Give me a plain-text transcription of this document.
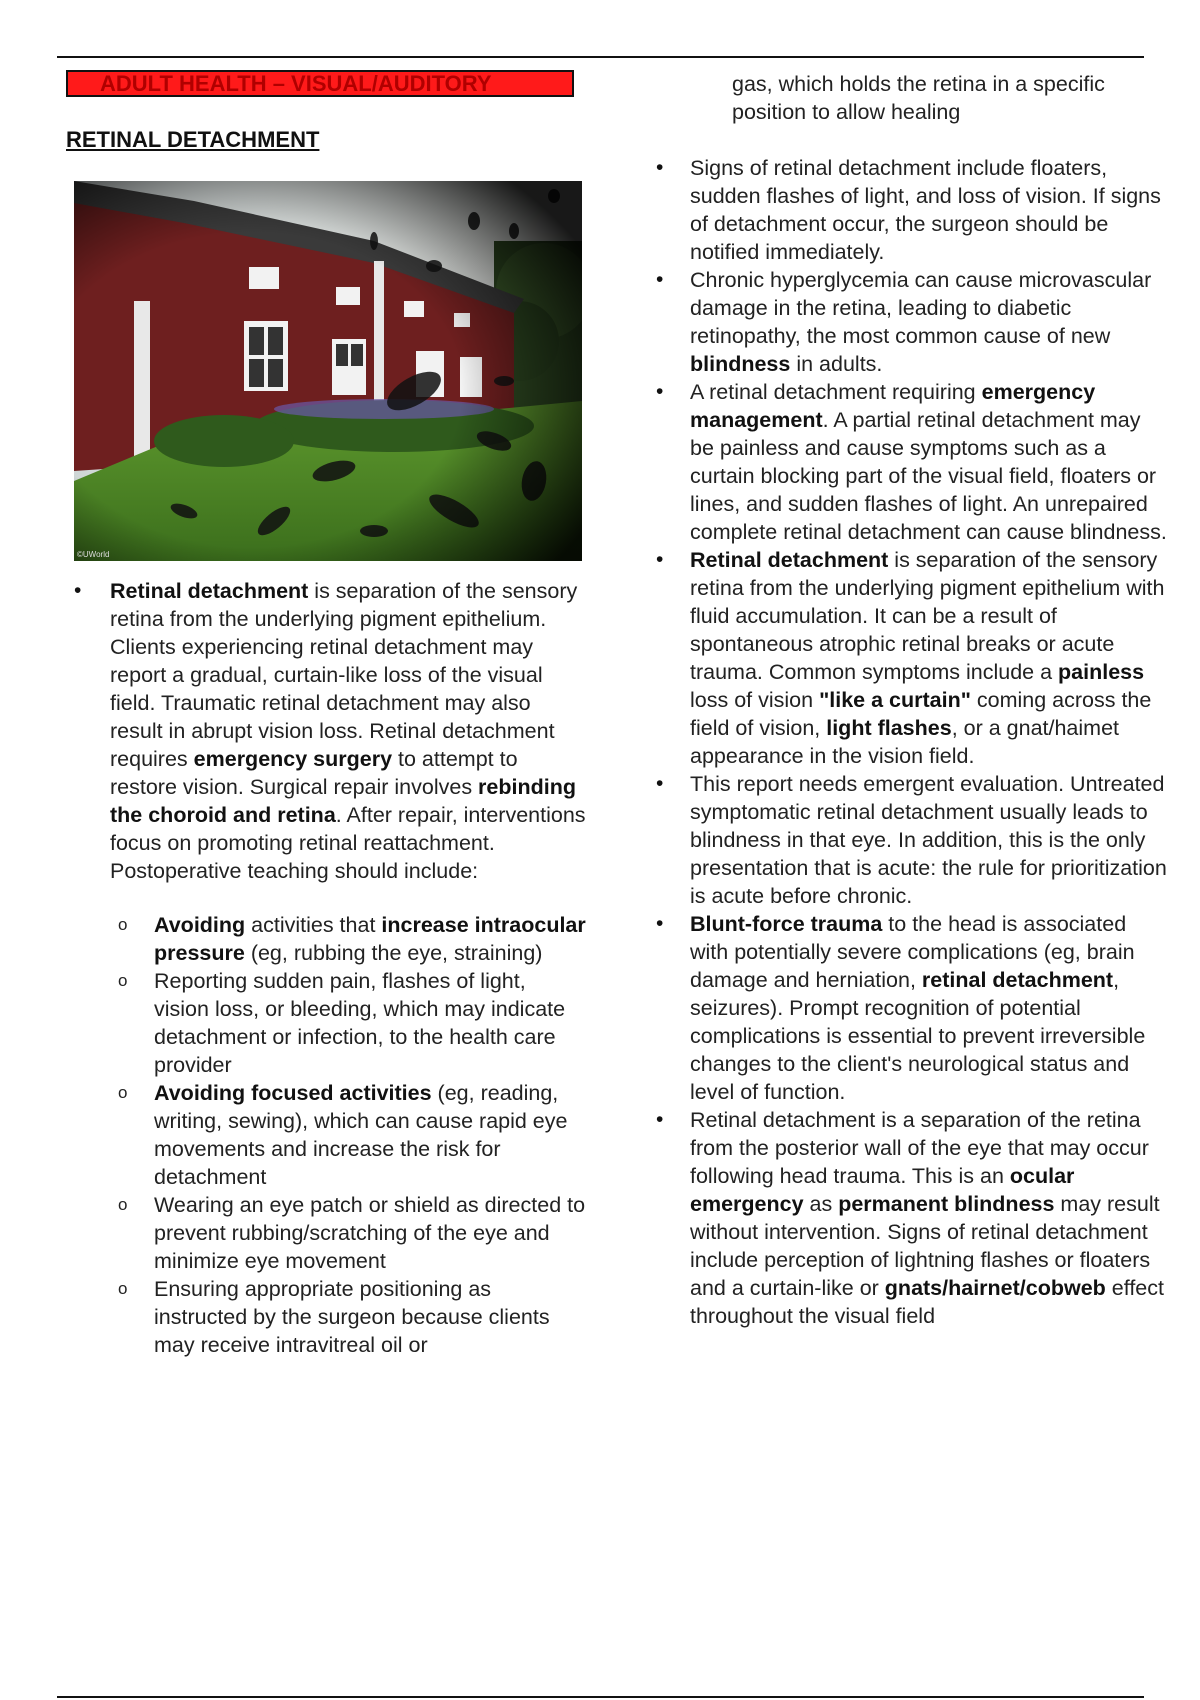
ADULT HEALTH – VISUAL/AUDITORY
RETINAL DETACHMENT
©UWorld
• Retinal detachment is separation of the sensory retina from the underlying pigment epithelium. Clients experiencing retinal detachment may report a gradual, curtain-like loss of the visual field. Traumatic retinal detachment may also result in abrupt vision loss. Retinal detachment requires emergency surgery to attempt to restore vision. Surgical repair involves rebinding the choroid and retina. After repair, interventions focus on promoting retinal reattachment. Postoperative teaching should include:
o Avoiding activities that increase intraocular pressure (eg, rubbing the eye, straining)
o Reporting sudden pain, flashes of light, vision loss, or bleeding, which may indicate detachment or infection, to the health care provider
o Avoiding focused activities (eg, reading, writing, sewing), which can cause rapid eye movements and increase the risk for detachment
o Wearing an eye patch or shield as directed to prevent rubbing/scratching of the eye and minimize eye movement
o Ensuring appropriate positioning as instructed by the surgeon because clients may receive intravitreal oil or
gas, which holds the retina in a specific position to allow healing
• Signs of retinal detachment include floaters, sudden flashes of light, and loss of vision. If signs of detachment occur, the surgeon should be notified immediately.
• Chronic hyperglycemia can cause microvascular damage in the retina, leading to diabetic retinopathy, the most common cause of new blindness in adults.
• A retinal detachment requiring emergency management. A partial retinal detachment may be painless and cause symptoms such as a curtain blocking part of the visual field, floaters or lines, and sudden flashes of light. An unrepaired complete retinal detachment can cause blindness.
• Retinal detachment is separation of the sensory retina from the underlying pigment epithelium with fluid accumulation. It can be a result of spontaneous atrophic retinal breaks or acute trauma. Common symptoms include a painless loss of vision "like a curtain" coming across the field of vision, light flashes, or a gnat/haimet appearance in the vision field.
• This report needs emergent evaluation. Untreated symptomatic retinal detachment usually leads to blindness in that eye. In addition, this is the only presentation that is acute: the rule for prioritization is acute before chronic.
• Blunt-force trauma to the head is associated with potentially severe complications (eg, brain damage and herniation, retinal detachment, seizures). Prompt recognition of potential complications is essential to prevent irreversible changes to the client's neurological status and level of function.
• Retinal detachment is a separation of the retina from the posterior wall of the eye that may occur following head trauma. This is an ocular emergency as permanent blindness may result without intervention. Signs of retinal detachment include perception of lightning flashes or floaters and a curtain-like or gnats/hairnet/cobweb effect throughout the visual field
